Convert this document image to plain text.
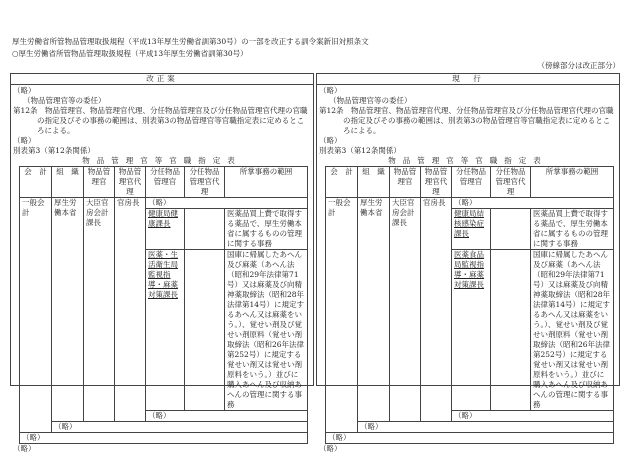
厚生労働省所管物品管理取扱規程（平成13年厚生労働省訓第30号）の一部を改正する訓令案新旧対照条文
○厚生労働省所管物品管理取扱規程（平成13年厚生労働省訓第30号）
（傍線部分は改正部分）
改正案
（略）
（物品管理官等の委任）
第12条　物品管理官、物品管理官代理、分任物品管理官及び分任物品管理官代理の官職の指定及びその事務の範囲は、別表第3の物品管理官等官職指定表に定めるところによる。
（略）
別表第3（第12条関係）
物品管理官等官職指定表
会　計	組　織	物品管理官	物品管理官代理	分任物品管理官	分任物品管理官代理	所掌事務の範囲
一般会計	厚生労働本省	大臣官房会計課長	官房長	（略）		
				健康局健康課長		医薬品買上費で取得する薬品で、厚生労働本省に属するものの管理に関する事務
				医薬・生活衛生局監視指導・麻薬対策課長		国庫に帰属したあへん及び麻薬（あへん法（昭和29年法律第71号）又は麻薬及び向精神薬取締法（昭和28年法律第14号）に規定するあへん又は麻薬をいう。）、覚せい剤及び覚せい剤原料（覚せい剤取締法（昭和26年法律第252号）に規定する覚せい剤又は覚せい剤原料をいう。）並びに購入あへん及び収納あへんの管理に関する事務
				（略）		
	（略）					
（略）						
（略）
現　行
（略）
（物品管理官等の委任）
第12条　物品管理官、物品管理官代理、分任物品管理官及び分任物品管理官代理の官職の指定及びその事務の範囲は、別表第3の物品管理官等官職指定表に定めるところによる。
（略）
別表第3（第12条関係）
物品管理官等官職指定表
会　計	組　織	物品管理官	物品管理官代理	分任物品管理官	分任物品管理官代理	所掌事務の範囲
一般会計	厚生労働本省	大臣官房会計課長	官房長	（略）		
				健康局結核感染症課長		医薬品買上費で取得する薬品で、厚生労働本省に属するものの管理に関する事務
				医薬食品局監視指導・麻薬対策課長		国庫に帰属したあへん及び麻薬（あへん法（昭和29年法律第71号）又は麻薬及び向精神薬取締法（昭和28年法律第14号）に規定するあへん又は麻薬をいう。）、覚せい剤及び覚せい剤原料（覚せい剤取締法（昭和26年法律第252号）に規定する覚せい剤又は覚せい剤原料をいう。）並びに購入あへん及び収納あへんの管理に関する事務
				（略）		
	（略）					
（略）						
（略）
